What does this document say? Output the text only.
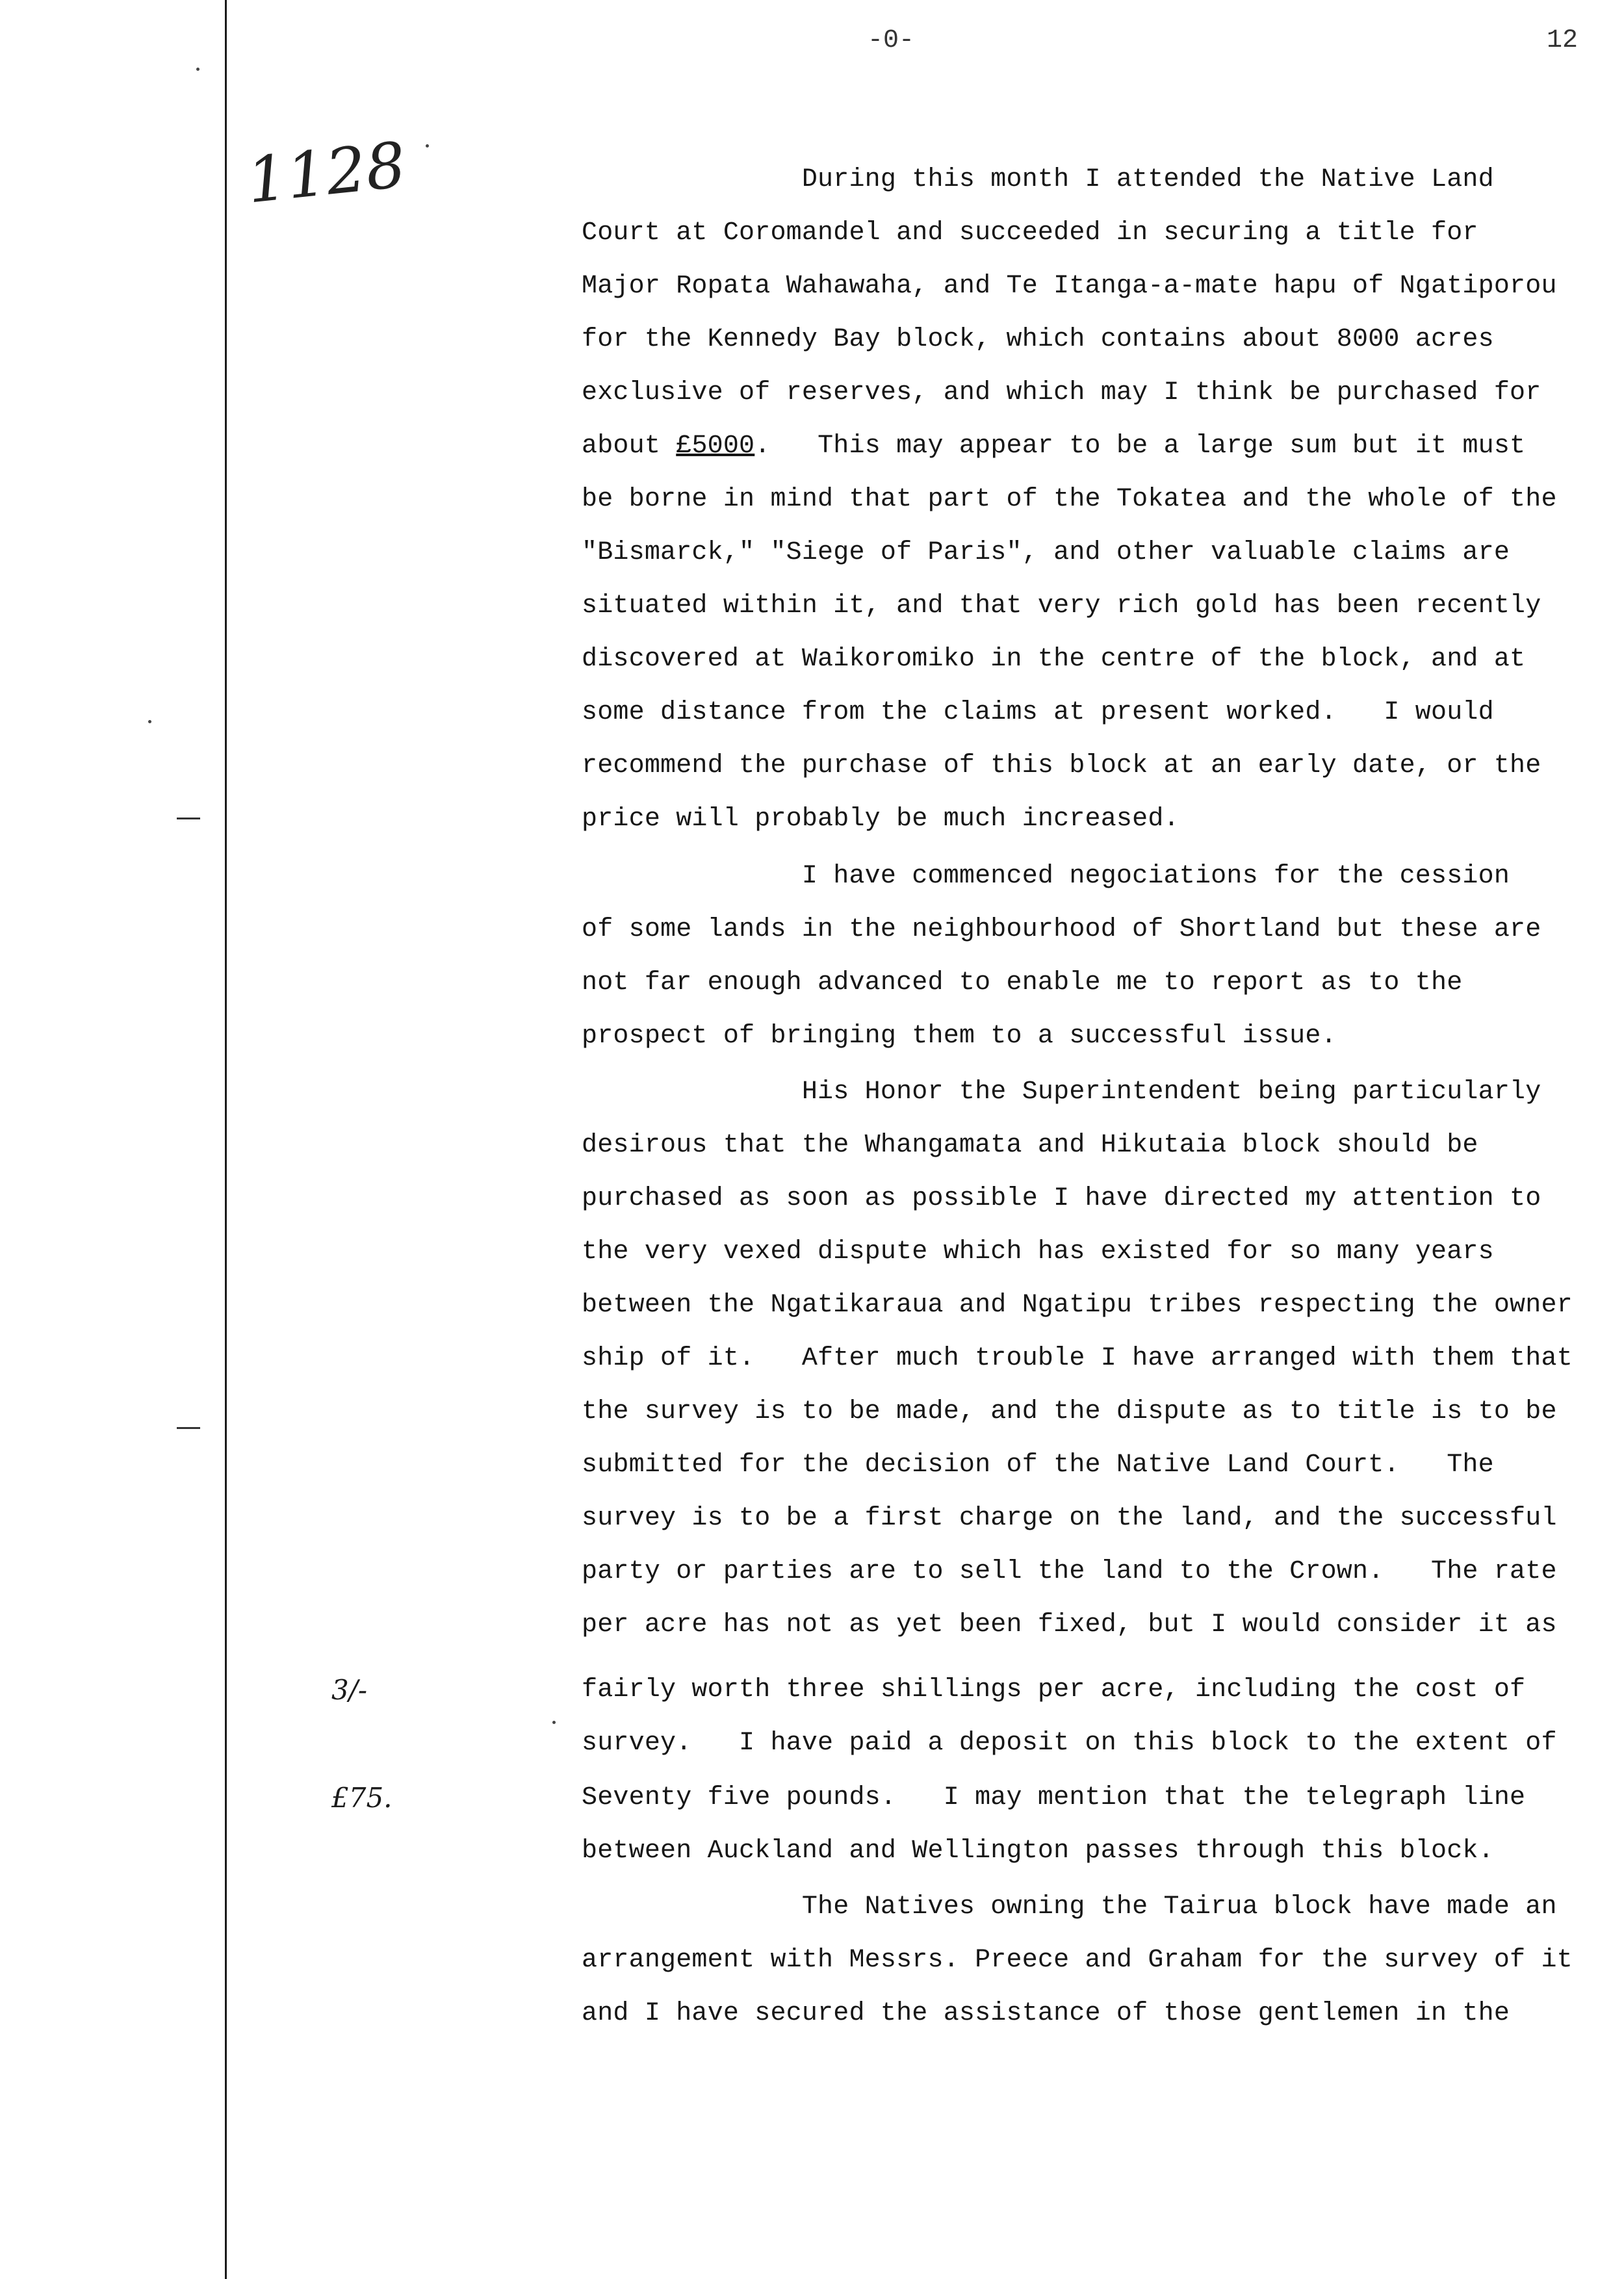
-0-	12
1128
3/-
£75.
During this month I attended the Native Land
Court at Coromandel and succeeded in securing a title for
Major Ropata Wahawaha, and Te Itanga-a-mate hapu of Ngatiporou
for the Kennedy Bay block, which contains about 8000 acres
exclusive of reserves, and which may I think be purchased for
about £5000.   This may appear to be a large sum but it must
be borne in mind that part of the Tokatea and the whole of the
"Bismarck," "Siege of Paris", and other valuable claims are
situated within it, and that very rich gold has been recently
discovered at Waikoromiko in the centre of the block, and at
some distance from the claims at present worked.   I would
recommend the purchase of this block at an early date, or the
price will probably be much increased.
I have commenced negociations for the cession
of some lands in the neighbourhood of Shortland but these are
not far enough advanced to enable me to report as to the
prospect of bringing them to a successful issue.
His Honor the Superintendent being particularly
desirous that the Whangamata and Hikutaia block should be
purchased as soon as possible I have directed my attention to
the very vexed dispute which has existed for so many years
between the Ngatikaraua and Ngatipu tribes respecting the owner
ship of it.   After much trouble I have arranged with them that
the survey is to be made, and the dispute as to title is to be
submitted for the decision of the Native Land Court.   The
survey is to be a first charge on the land, and the successful
party or parties are to sell the land to the Crown.   The rate
per acre has not as yet been fixed, but I would consider it as
fairly worth three shillings per acre, including the cost of
survey.   I have paid a deposit on this block to the extent of
Seventy five pounds.   I may mention that the telegraph line
between Auckland and Wellington passes through this block.
The Natives owning the Tairua block have made an
arrangement with Messrs. Preece and Graham for the survey of it
and I have secured the assistance of those gentlemen in the
